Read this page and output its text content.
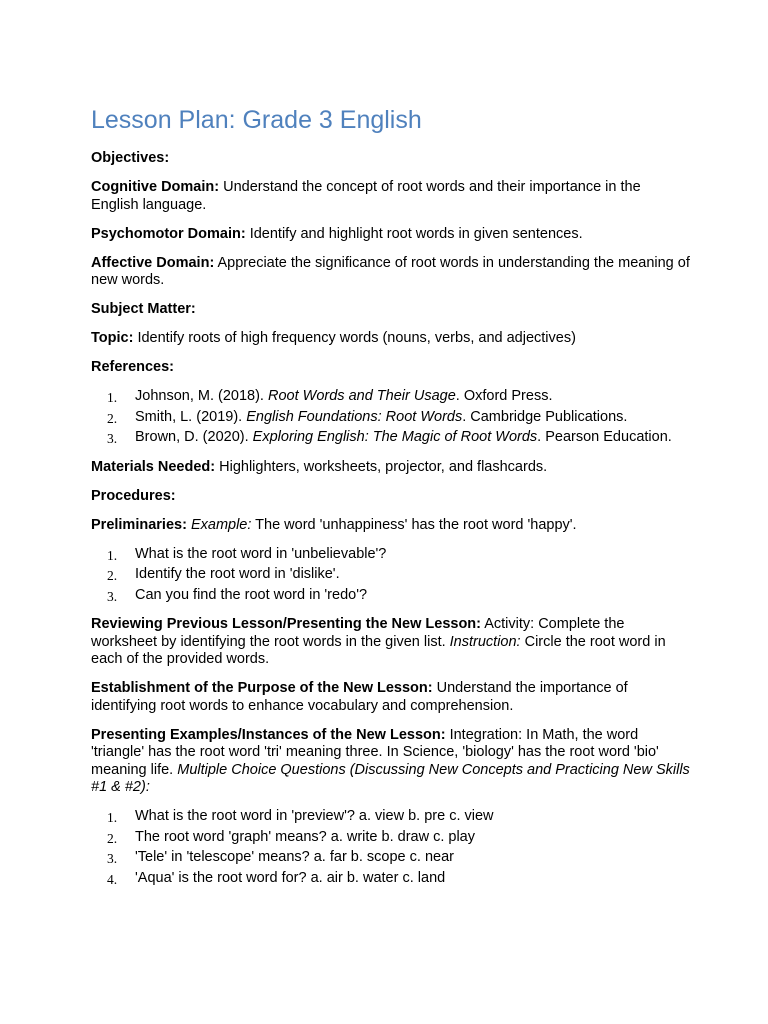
Lesson Plan: Grade 3 English

Objectives:

Cognitive Domain: Understand the concept of root words and their importance in the English language.

Psychomotor Domain: Identify and highlight root words in given sentences.

Affective Domain: Appreciate the significance of root words in understanding the meaning of new words.

Subject Matter:

Topic: Identify roots of high frequency words (nouns, verbs, and adjectives)

References:

1. Johnson, M. (2018). Root Words and Their Usage. Oxford Press.
2. Smith, L. (2019). English Foundations: Root Words. Cambridge Publications.
3. Brown, D. (2020). Exploring English: The Magic of Root Words. Pearson Education.

Materials Needed: Highlighters, worksheets, projector, and flashcards.

Procedures:

Preliminaries: Example: The word 'unhappiness' has the root word 'happy'.

1. What is the root word in 'unbelievable'?
2. Identify the root word in 'dislike'.
3. Can you find the root word in 'redo'?

Reviewing Previous Lesson/Presenting the New Lesson: Activity: Complete the worksheet by identifying the root words in the given list. Instruction: Circle the root word in each of the provided words.

Establishment of the Purpose of the New Lesson: Understand the importance of identifying root words to enhance vocabulary and comprehension.

Presenting Examples/Instances of the New Lesson: Integration: In Math, the word 'triangle' has the root word 'tri' meaning three. In Science, 'biology' has the root word 'bio' meaning life. Multiple Choice Questions (Discussing New Concepts and Practicing New Skills #1 & #2):

1. What is the root word in 'preview'? a. view b. pre c. view
2. The root word 'graph' means? a. write b. draw c. play
3. 'Tele' in 'telescope' means? a. far b. scope c. near
4. 'Aqua' is the root word for? a. air b. water c. land
